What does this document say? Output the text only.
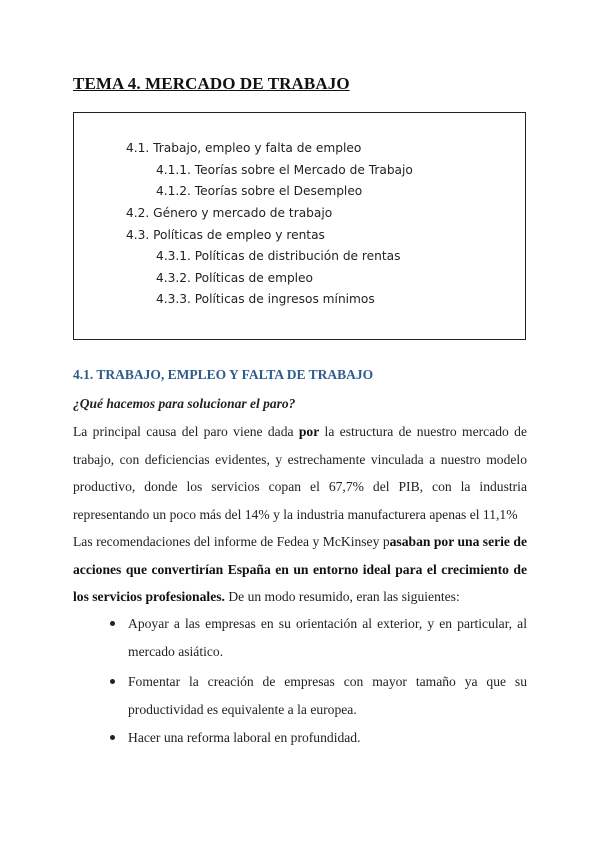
TEMA 4. MERCADO DE TRABAJO
4.1. Trabajo, empleo y falta de empleo
4.1.1. Teorías sobre el Mercado de Trabajo
4.1.2. Teorías sobre el Desempleo
4.2. Género y mercado de trabajo
4.3. Políticas de empleo y rentas
4.3.1. Políticas de distribución de rentas
4.3.2. Políticas de empleo
4.3.3. Políticas de ingresos mínimos
4.1. TRABAJO, EMPLEO Y FALTA DE TRABAJO
¿Qué hacemos para solucionar el paro?
La principal causa del paro viene dada por la estructura de nuestro mercado de trabajo, con deficiencias evidentes, y estrechamente vinculada a nuestro modelo productivo, donde los servicios copan el 67,7% del PIB, con la industria representando un poco más del 14% y la industria manufacturera apenas el 11,1%
Las recomendaciones del informe de Fedea y McKinsey pasaban por una serie de acciones que convertirían España en un entorno ideal para el crecimiento de los servicios profesionales. De un modo resumido, eran las siguientes:
Apoyar a las empresas en su orientación al exterior, y en particular, al mercado asiático.
Fomentar la creación de empresas con mayor tamaño ya que su productividad es equivalente a la europea.
Hacer una reforma laboral en profundidad.
